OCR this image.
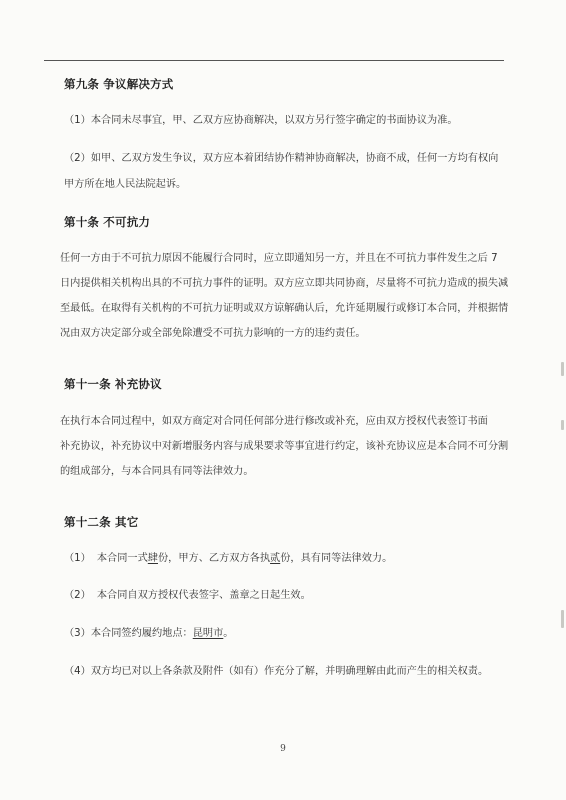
第九条 争议解决方式
（1）本合同未尽事宜，甲、乙双方应协商解决，以双方另行签字确定的书面协议为准。
（2）如甲、乙双方发生争议，双方应本着团结协作精神协商解决，协商不成，任何一方均有权向
甲方所在地人民法院起诉。
第十条 不可抗力
任何一方由于不可抗力原因不能履行合同时，应立即通知另一方，并且在不可抗力事件发生之后 7
日内提供相关机构出具的不可抗力事件的证明。双方应立即共同协商，尽量将不可抗力造成的损失减
至最低。在取得有关机构的不可抗力证明或双方谅解确认后，允许延期履行或修订本合同，并根据情
况由双方决定部分或全部免除遭受不可抗力影响的一方的违约责任。
第十一条 补充协议
在执行本合同过程中，如双方商定对合同任何部分进行修改或补充，应由双方授权代表签订书面
补充协议，补充协议中对新增服务内容与成果要求等事宜进行约定，该补充协议应是本合同不可分割
的组成部分，与本合同具有同等法律效力。
第十二条 其它
（1） 本合同一式肆份，甲方、乙方双方各执贰份，具有同等法律效力。
（2） 本合同自双方授权代表签字、盖章之日起生效。
（3）本合同签约履约地点：昆明市。
（4）双方均已对以上各条款及附件（如有）作充分了解，并明确理解由此而产生的相关权责。
9
